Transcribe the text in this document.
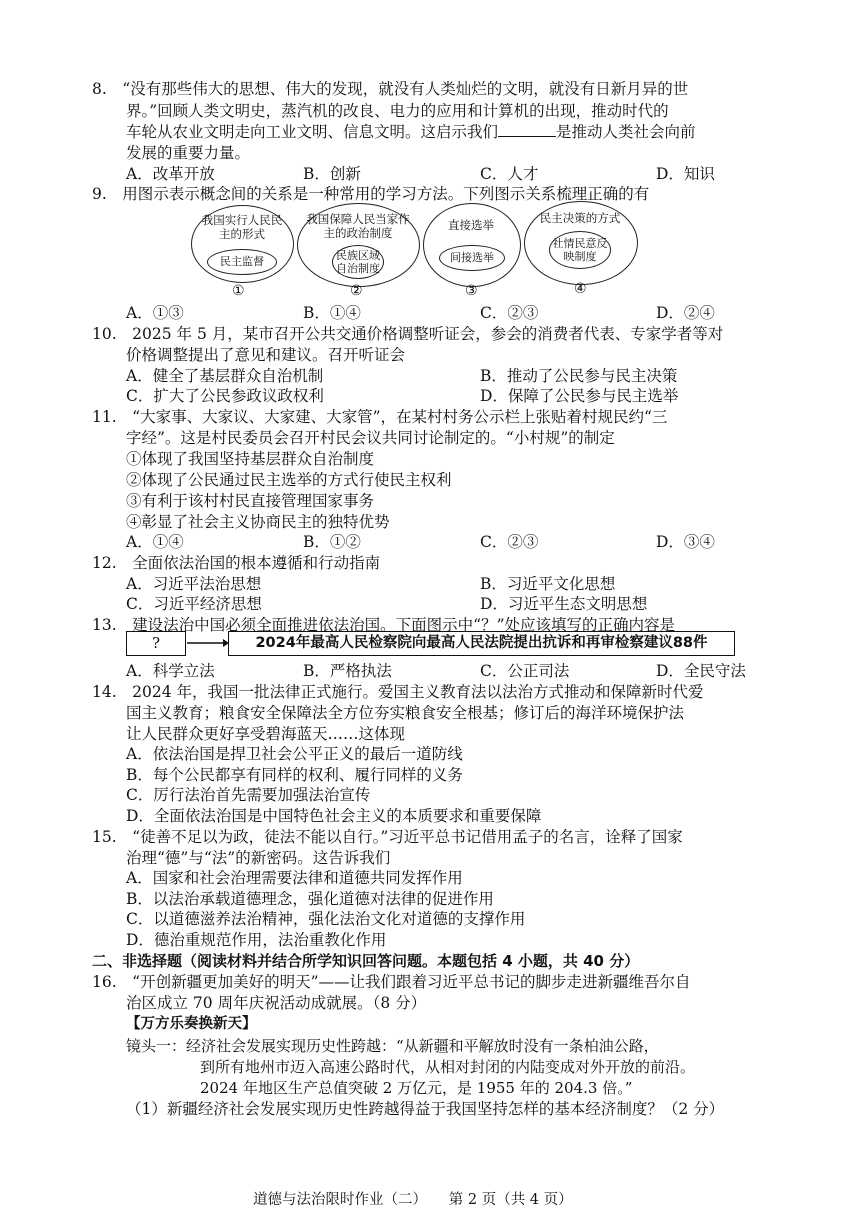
8.　“没有那些伟大的思想、伟大的发现，就没有人类灿烂的文明，就没有日新月异的世
界。”回顾人类文明史，蒸汽机的改良、电力的应用和计算机的出现，推动时代的
车轮从农业文明走向工业文明、信息文明。这启示我们	是推动人类社会向前
发展的重要力量。
A．改革开放	B．创新	C．人才	D．知识
9.　用图示表示概念间的关系是一种常用的学习方法。下列图示关系梳理正确的有
我国实行人民民主的形式
民主监督
①
我国保障人民当家作主的政治制度
民族区域自治制度
②
直接选举
间接选举
③
民主决策的方式
社情民意反映制度
④
A．①③	B．①④	C．②③	D．②④
10.　2025 年 5 月，某市召开公共交通价格调整听证会，参会的消费者代表、专家学者等对
价格调整提出了意见和建议。召开听证会
A．健全了基层群众自治机制	B．推动了公民参与民主决策
C．扩大了公民参政议政权利	D．保障了公民参与民主选举
11.　“大家事、大家议、大家建、大家管”，在某村村务公示栏上张贴着村规民约“三
字经”。这是村民委员会召开村民会议共同讨论制定的。“小村规”的制定
①体现了我国坚持基层群众自治制度
②体现了公民通过民主选举的方式行使民主权利
③有利于该村村民直接管理国家事务
④彰显了社会主义协商民主的独特优势
A．①④	B．①②	C．②③	D．③④
12.　全面依法治国的根本遵循和行动指南
A．习近平法治思想	B．习近平文化思想
C．习近平经济思想	D．习近平生态文明思想
13.　建设法治中国必须全面推进依法治国。下面图示中“？”处应该填写的正确内容是
?	2024年最高人民检察院向最高人民法院提出抗诉和再审检察建议88件
A．科学立法	B．严格执法	C．公正司法	D．全民守法
14.　2024 年，我国一批法律正式施行。爱国主义教育法以法治方式推动和保障新时代爱
国主义教育；粮食安全保障法全方位夯实粮食安全根基；修订后的海洋环境保护法
让人民群众更好享受碧海蓝天……这体现
A．依法治国是捍卫社会公平正义的最后一道防线
B．每个公民都享有同样的权利、履行同样的义务
C．厉行法治首先需要加强法治宣传
D．全面依法治国是中国特色社会主义的本质要求和重要保障
15.　“徒善不足以为政，徒法不能以自行。”习近平总书记借用孟子的名言，诠释了国家
治理“德”与“法”的新密码。这告诉我们
A．国家和社会治理需要法律和道德共同发挥作用
B．以法治承载道德理念，强化道德对法律的促进作用
C．以道德滋养法治精神，强化法治文化对道德的支撑作用
D．德治重规范作用，法治重教化作用
二、非选择题（阅读材料并结合所学知识回答问题。本题包括 4 小题，共 40 分）
16.　“开创新疆更加美好的明天”——让我们跟着习近平总书记的脚步走进新疆维吾尔自
治区成立 70 周年庆祝活动成就展。（8 分）
【万方乐奏换新天】
镜头一：经济社会发展实现历史性跨越：“从新疆和平解放时没有一条柏油公路，
到所有地州市迈入高速公路时代，从相对封闭的内陆变成对外开放的前沿。
2024 年地区生产总值突破 2 万亿元，是 1955 年的 204.3 倍。”
（1）新疆经济社会发展实现历史性跨越得益于我国坚持怎样的基本经济制度？（2 分）
道德与法治限时作业（二）　　第 2 页（共 4 页）
